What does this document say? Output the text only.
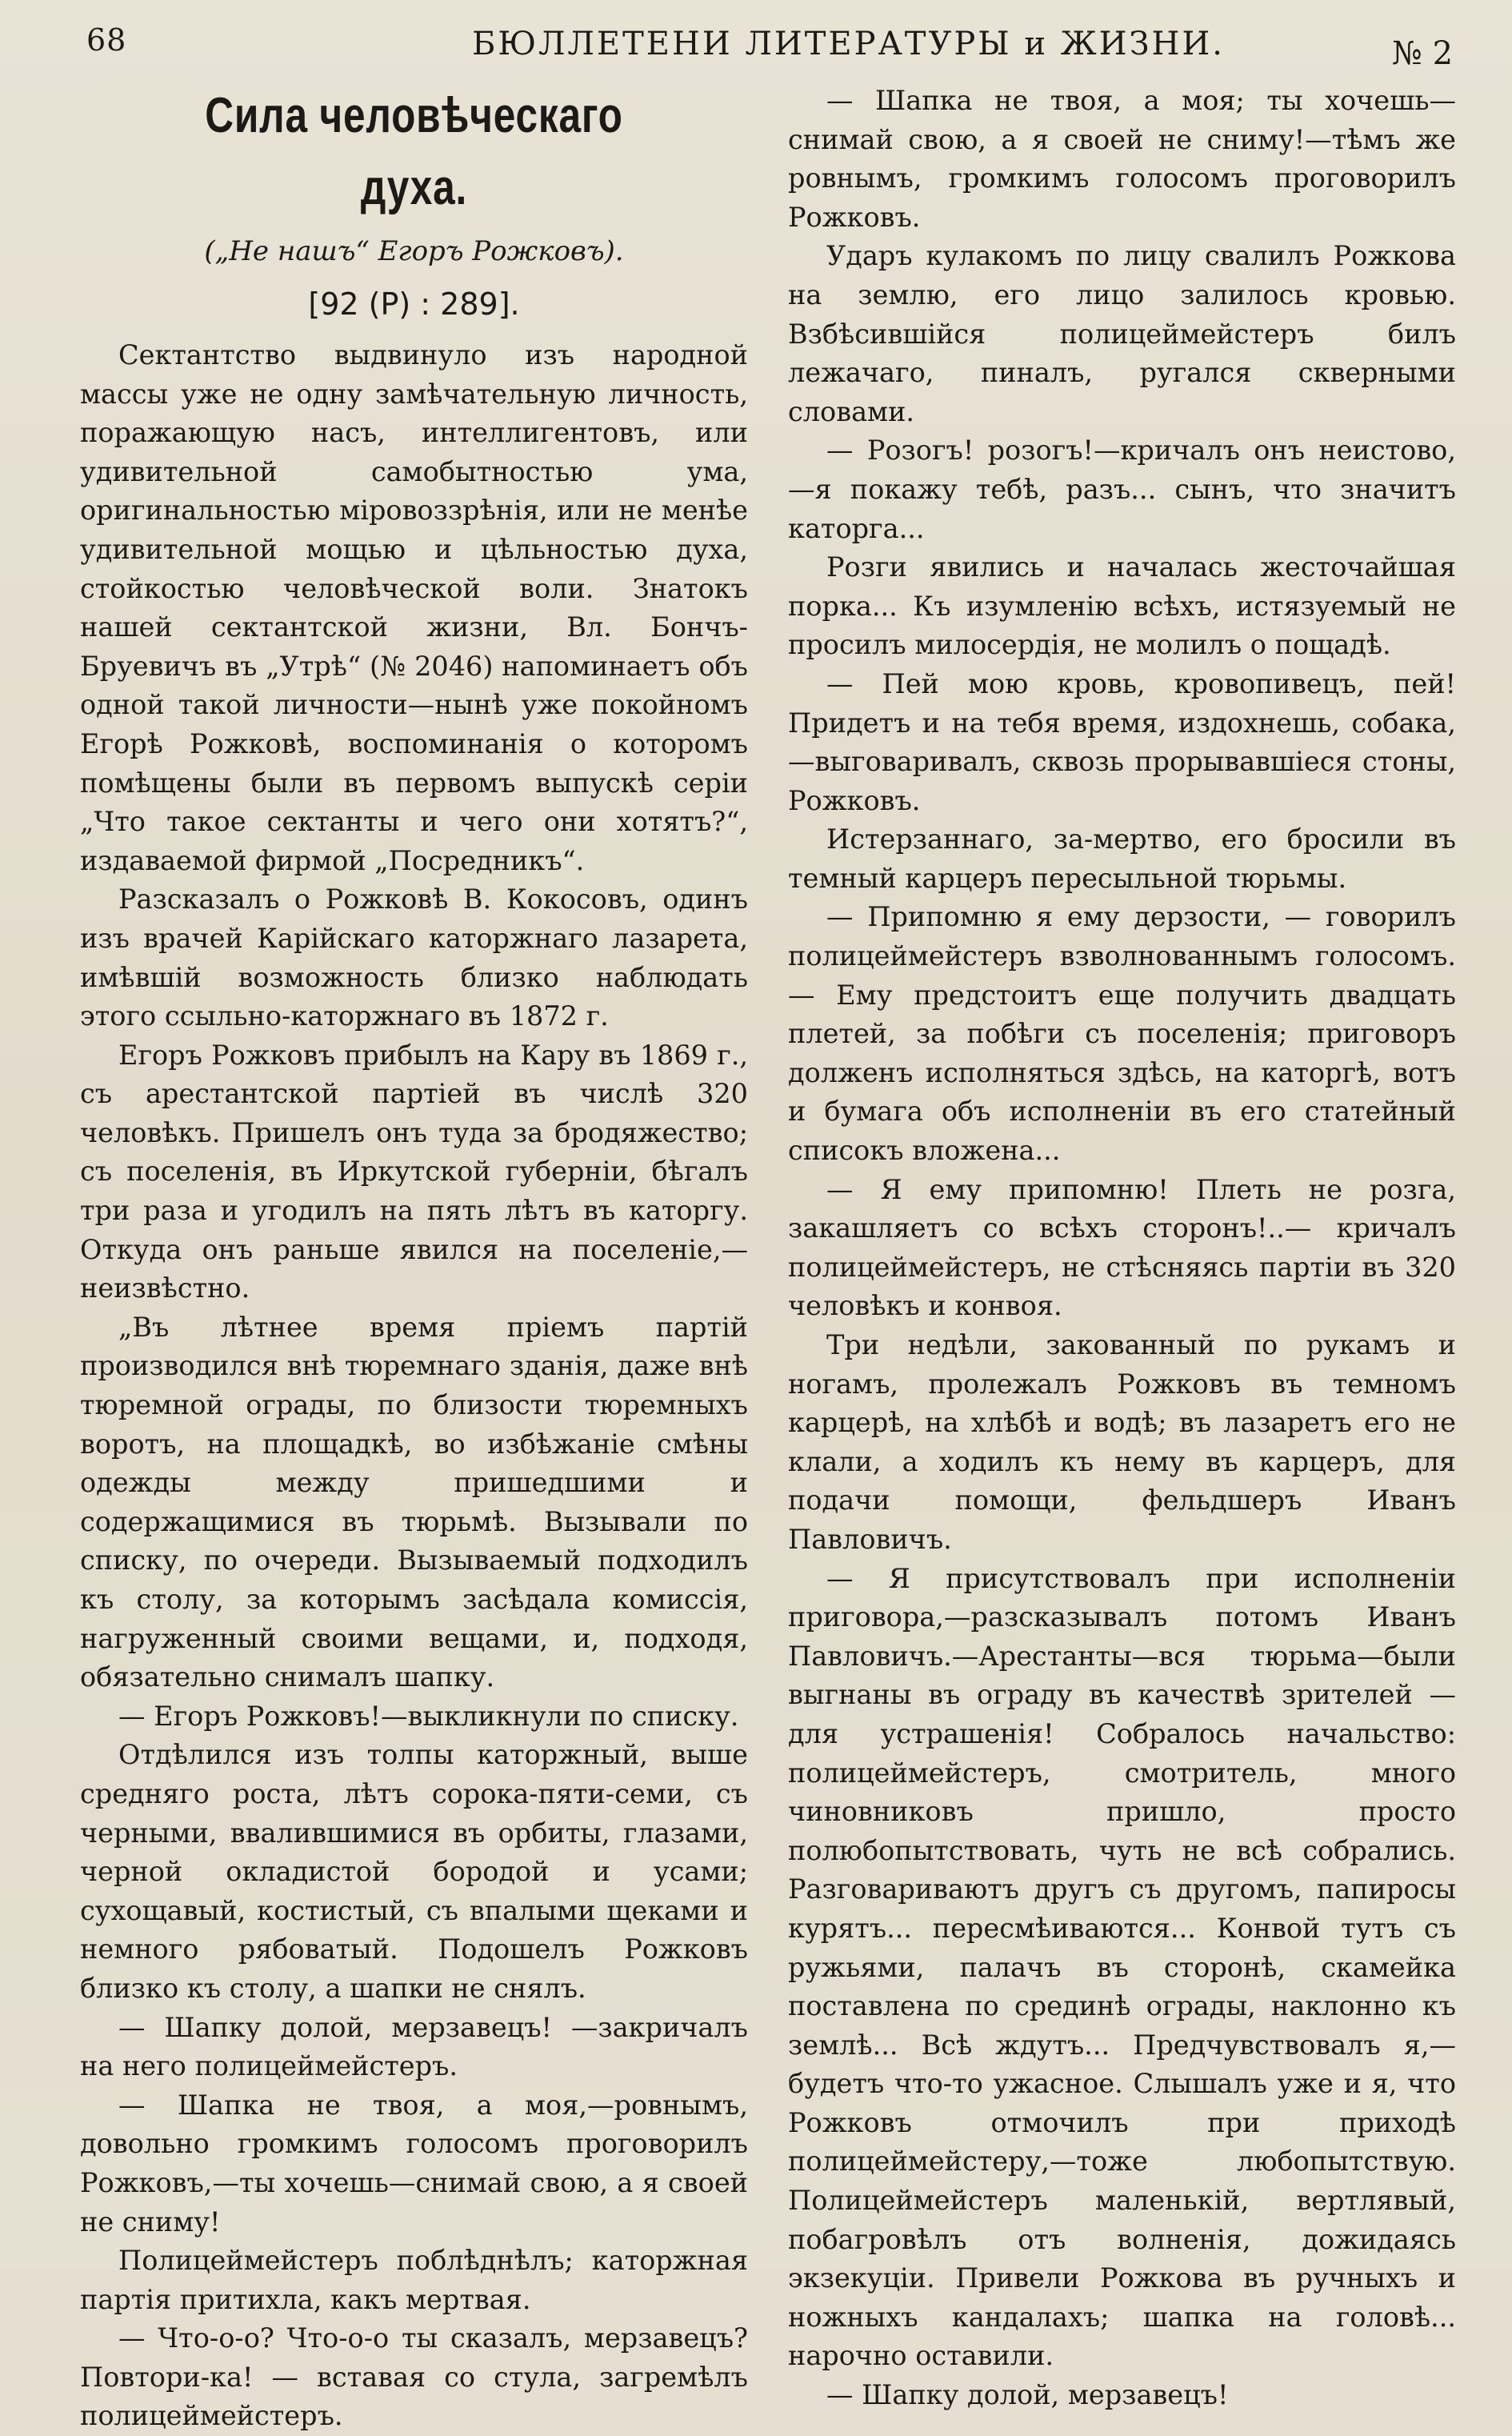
68	БЮЛЛЕТЕНИ ЛИТЕРАТУРЫ и ЖИЗНИ.	№ 2
Сила человѣческаго духа.

(„Не нашъ“ Егоръ Рожковъ).

[92 (Р) : 289].

Сектантство выдвинуло изъ народной массы уже не одну замѣчательную личность, поражающую насъ, интеллигентовъ, или удивительной самобытностью ума, оригинальностью міровоззрѣнія, или не менѣе удивительной мощью и цѣльностью духа, стойкостью человѣческой воли. Знатокъ нашей сектантской жизни, Вл. Бончъ-Бруевичъ въ „Утрѣ“ (№ 2046) напоминаетъ объ одной такой личности—нынѣ уже покойномъ Егорѣ Рожковѣ, воспоминанія о которомъ помѣщены были въ первомъ выпускѣ серіи „Что такое сектанты и чего они хотятъ?“, издаваемой фирмой „Посредникъ“.

Разсказалъ о Рожковѣ В. Кокосовъ, одинъ изъ врачей Карійскаго каторжнаго лазарета, имѣвшій возможность близко наблюдать этого ссыльно-каторжнаго въ 1872 г.

Егоръ Рожковъ прибылъ на Кару въ 1869 г., съ арестантской партіей въ числѣ 320 человѣкъ. Пришелъ онъ туда за бродяжество; съ поселенія, въ Иркутской губерніи, бѣгалъ три раза и угодилъ на пять лѣтъ въ каторгу. Откуда онъ раньше явился на поселеніе,—неизвѣстно.

„Въ лѣтнее время пріемъ партій производился внѣ тюремнаго зданія, даже внѣ тюремной ограды, по близости тюремныхъ воротъ, на площадкѣ, во избѣжаніе смѣны одежды между пришедшими и содержащимися въ тюрьмѣ. Вызывали по списку, по очереди. Вызываемый подходилъ къ столу, за которымъ засѣдала комиссія, нагруженный своими вещами, и, подходя, обязательно снималъ шапку.

— Егоръ Рожковъ!—выкликнули по списку.

Отдѣлился изъ толпы каторжный, выше средняго роста, лѣтъ сорока-пяти-семи, съ черными, ввалившимися въ орбиты, глазами, черной окладистой бородой и усами; сухощавый, костистый, съ впалыми щеками и немного рябоватый. Подошелъ Рожковъ близко къ столу, а шапки не снялъ.

— Шапку долой, мерзавецъ! —закричалъ на него полицеймейстеръ.

— Шапка не твоя, а моя,—ровнымъ, довольно громкимъ голосомъ проговорилъ Рожковъ,—ты хочешь—снимай свою, а я своей не сниму!

Полицеймейстеръ поблѣднѣлъ; каторжная партія притихла, какъ мертвая.

— Что-о-о? Что-о-о ты сказалъ, мерзавецъ? Повтори-ка! — вставая со стула, загремѣлъ полицеймейстеръ.

— Шапка не твоя, а моя; ты хочешь—снимай свою, а я своей не сниму!—тѣмъ же ровнымъ, громкимъ голосомъ проговорилъ Рожковъ.

Ударъ кулакомъ по лицу свалилъ Рожкова на землю, его лицо залилось кровью. Взбѣсившійся полицеймейстеръ билъ лежачаго, пиналъ, ругался скверными словами.

— Розогъ! розогъ!—кричалъ онъ неистово,—я покажу тебѣ, разъ... сынъ, что значитъ каторга...

Розги явились и началась жесточайшая порка... Къ изумленію всѣхъ, истязуемый не просилъ милосердія, не молилъ о пощадѣ.

— Пей мою кровь, кровопивецъ, пей! Придетъ и на тебя время, издохнешь, собака,—выговаривалъ, сквозь прорывавшіеся стоны, Рожковъ.

Истерзаннаго, за-мертво, его бросили въ темный карцеръ пересыльной тюрьмы.

— Припомню я ему дерзости, — говорилъ полицеймейстеръ взволнованнымъ голосомъ.— Ему предстоитъ еще получить двадцать плетей, за побѣги съ поселенія; приговоръ долженъ исполняться здѣсь, на каторгѣ, вотъ и бумага объ исполненіи въ его статейный списокъ вложена...

— Я ему припомню! Плеть не розга, закашляетъ со всѣхъ сторонъ!..— кричалъ полицеймейстеръ, не стѣсняясь партіи въ 320 человѣкъ и конвоя.

Три недѣли, закованный по рукамъ и ногамъ, пролежалъ Рожковъ въ темномъ карцерѣ, на хлѣбѣ и водѣ; въ лазаретъ его не клали, а ходилъ къ нему въ карцеръ, для подачи помощи, фельдшеръ Иванъ Павловичъ.

— Я присутствовалъ при исполненіи приговора,—разсказывалъ потомъ Иванъ Павловичъ.—Арестанты—вся тюрьма—были выгнаны въ ограду въ качествѣ зрителей — для устрашенія! Собралось начальство: полицеймейстеръ, смотритель, много чиновниковъ пришло, просто полюбопытствовать, чуть не всѣ собрались. Разговариваютъ другъ съ другомъ, папиросы курятъ... пересмѣиваются... Конвой тутъ съ ружьями, палачъ въ сторонѣ, скамейка поставлена по срединѣ ограды, наклонно къ землѣ... Всѣ ждутъ... Предчувствовалъ я,—будетъ что-то ужасное. Слышалъ уже и я, что Рожковъ отмочилъ при приходѣ полицеймейстеру,—тоже любопытствую. Полицеймейстеръ маленькій, вертлявый, побагровѣлъ отъ волненія, дожидаясь экзекуціи. Привели Рожкова въ ручныхъ и ножныхъ кандалахъ; шапка на головѣ... нарочно оставили.

— Шапку долой, мерзавецъ!
